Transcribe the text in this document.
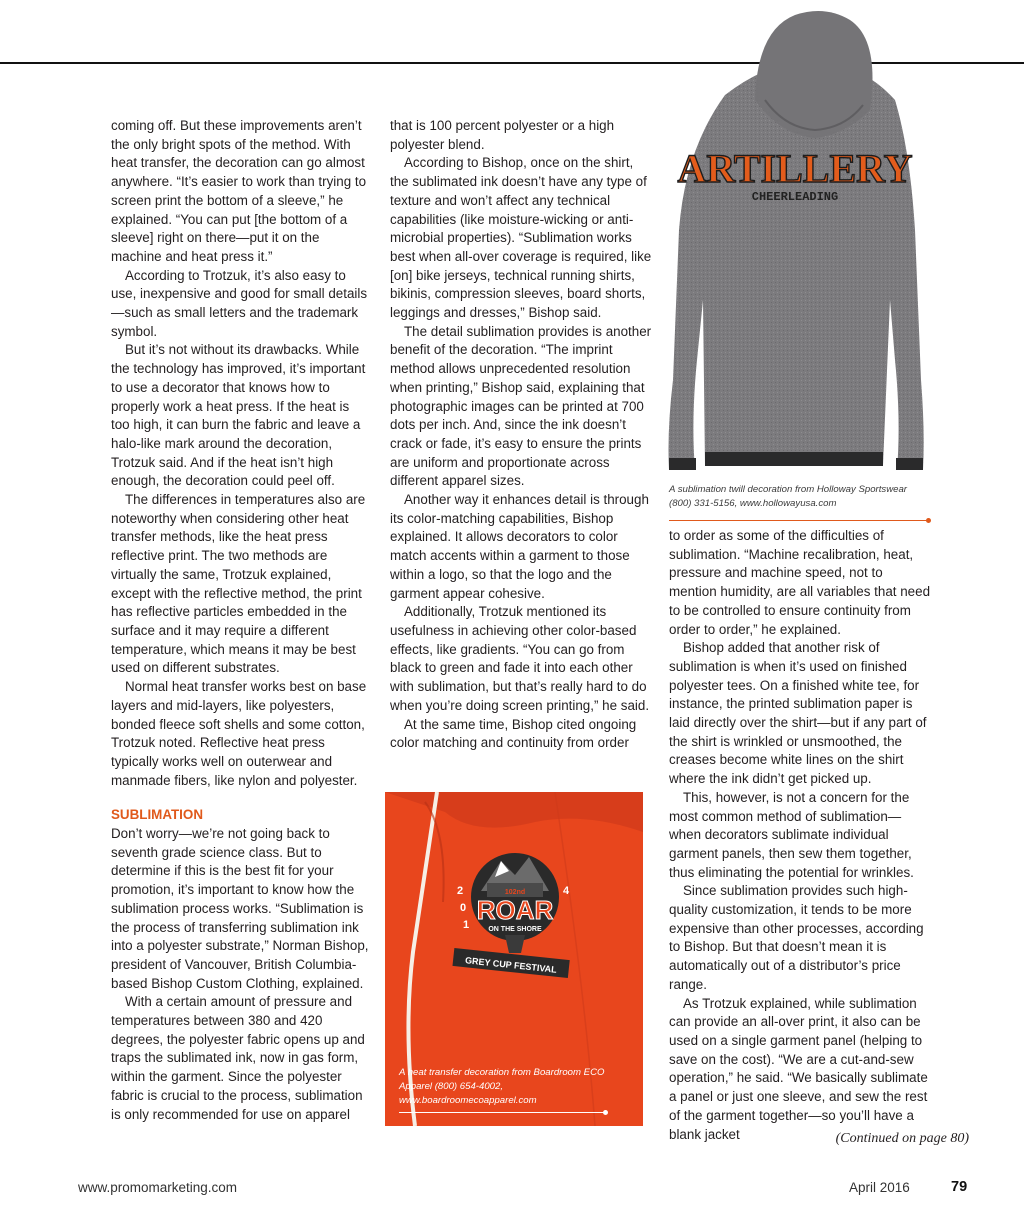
ARTILLERY
CHEERLEADING
102nd
2
0
1
4
ROAR
ON THE SHORE
GREY CUP FESTIVAL
A sublimation twill decoration from Holloway Sportswear (800) 331-5156, www.hollowayusa.com
A heat transfer decoration from Boardroom ECO Apparel (800) 654-4002, www.boardroomecoapparel.com

coming off. But these improvements aren’t the only bright spots of the method. With heat transfer, the decoration can go almost anywhere. “It’s easier to work than trying to screen print the bottom of a sleeve,” he explained. “You can put [the bottom of a sleeve] right on there—put it on the machine and heat press it.”

According to Trotzuk, it’s also easy to use, inexpensive and good for small details—such as small letters and the trademark symbol.

But it’s not without its drawbacks. While the technology has improved, it’s important to use a decorator that knows how to properly work a heat press. If the heat is too high, it can burn the fabric and leave a halo-like mark around the decoration, Trotzuk said. And if the heat isn’t high enough, the decoration could peel off.

The differences in temperatures also are noteworthy when considering other heat transfer methods, like the heat press reflective print. The two methods are virtually the same, Trotzuk explained, except with the reflective method, the print has reflective particles embedded in the surface and it may require a different temperature, which means it may be best used on different substrates.

Normal heat transfer works best on base layers and mid-layers, like polyesters, bonded fleece soft shells and some cotton, Trotzuk noted. Reflective heat press typically works well on outerwear and manmade fibers, like nylon and polyester.

SUBLIMATION

Don’t worry—we’re not going back to seventh grade science class. But to determine if this is the best fit for your promotion, it’s important to know how the sublimation process works. “Sublimation is the process of transferring sublimation ink into a polyester substrate,” Norman Bishop, president of Vancouver, British Columbia-based Bishop Custom Clothing, explained.

With a certain amount of pressure and temperatures between 380 and 420 degrees, the polyester fabric opens up and traps the sublimated ink, now in gas form, within the garment. Since the polyester fabric is crucial to the process, sublimation is only recommended for use on apparel

that is 100 percent polyester or a high polyester blend.

According to Bishop, once on the shirt, the sublimated ink doesn’t have any type of texture and won’t affect any technical capabilities (like moisture-wicking or anti-microbial properties). “Sublimation works best when all-over coverage is required, like [on] bike jerseys, technical running shirts, bikinis, compression sleeves, board shorts, leggings and dresses,” Bishop said.

The detail sublimation provides is another benefit of the decoration. “The imprint method allows unprecedented resolution when printing,” Bishop said, explaining that photographic images can be printed at 700 dots per inch. And, since the ink doesn’t crack or fade, it’s easy to ensure the prints are uniform and proportionate across different apparel sizes.

Another way it enhances detail is through its color-matching capabilities, Bishop explained. It allows decorators to color match accents within a garment to those within a logo, so that the logo and the garment appear cohesive.

Additionally, Trotzuk mentioned its usefulness in achieving other color-based effects, like gradients. “You can go from black to green and fade it into each other with sublimation, but that’s really hard to do when you’re doing screen printing,” he said.

At the same time, Bishop cited ongoing color matching and continuity from order

to order as some of the difficulties of sublimation. “Machine recalibration, heat, pressure and machine speed, not to mention humidity, are all variables that need to be controlled to ensure continuity from order to order,” he explained.

Bishop added that another risk of sublimation is when it’s used on finished polyester tees. On a finished white tee, for instance, the printed sublimation paper is laid directly over the shirt—but if any part of the shirt is wrinkled or unsmoothed, the creases become white lines on the shirt where the ink didn’t get picked up.

This, however, is not a concern for the most common method of sublimation—when decorators sublimate individual garment panels, then sew them together, thus eliminating the potential for wrinkles.

Since sublimation provides such high-quality customization, it tends to be more expensive than other processes, according to Bishop. But that doesn’t mean it is automatically out of a distributor’s price range.

As Trotzuk explained, while sublimation can provide an all-over print, it also can be used on a single garment panel (helping to save on the cost). “We are a cut-and-sew operation,” he said. “We basically sublimate a panel or just one sleeve, and sew the rest of the garment together—so you’ll have a blank jacket	(Continued on page 80)
www.promomarketing.com	April 2016	79
